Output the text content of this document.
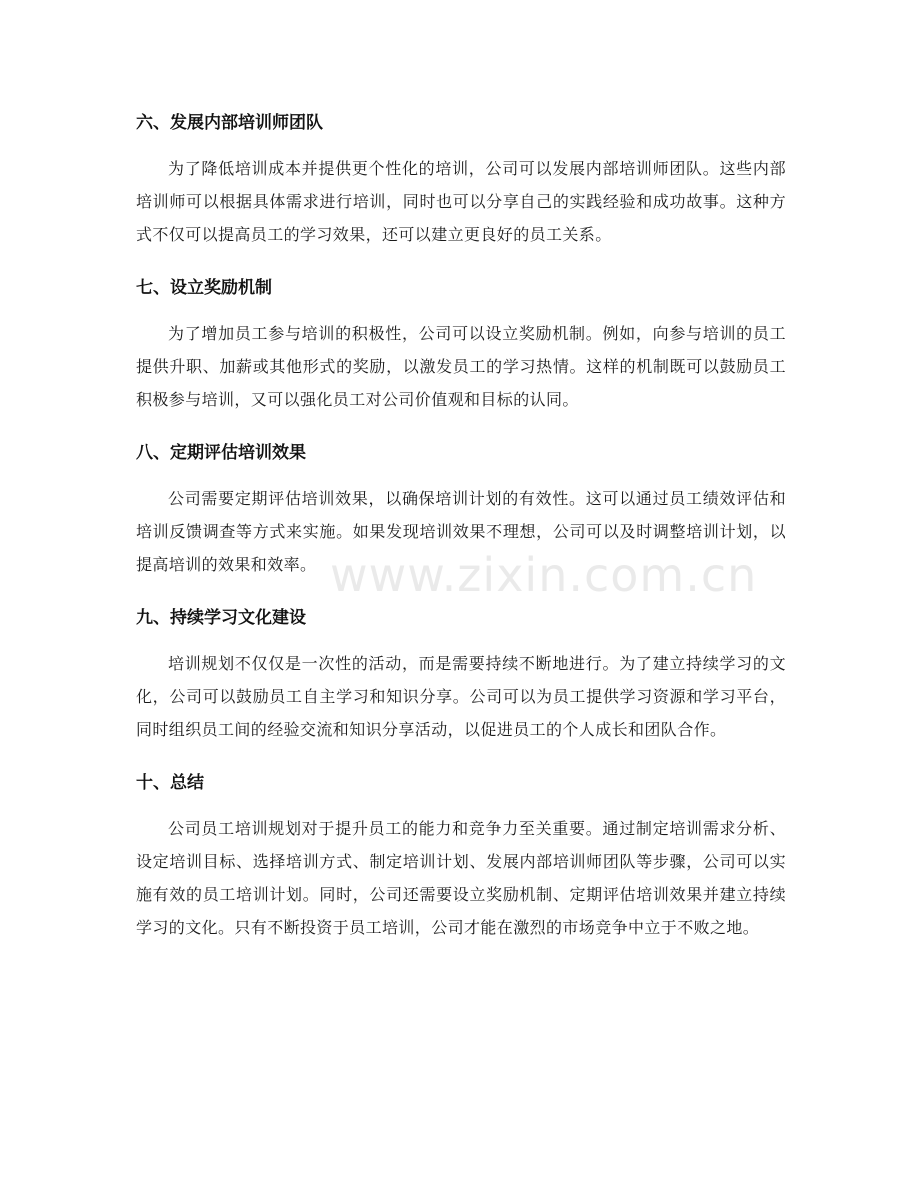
六、发展内部培训师团队

为了降低培训成本并提供更个性化的培训，公司可以发展内部培训师团队。这些内部培训师可以根据具体需求进行培训，同时也可以分享自己的实践经验和成功故事。这种方式不仅可以提高员工的学习效果，还可以建立更良好的员工关系。

七、设立奖励机制

为了增加员工参与培训的积极性，公司可以设立奖励机制。例如，向参与培训的员工提供升职、加薪或其他形式的奖励，以激发员工的学习热情。这样的机制既可以鼓励员工积极参与培训，又可以强化员工对公司价值观和目标的认同。

八、定期评估培训效果

公司需要定期评估培训效果，以确保培训计划的有效性。这可以通过员工绩效评估和培训反馈调查等方式来实施。如果发现培训效果不理想，公司可以及时调整培训计划，以提高培训的效果和效率。

九、持续学习文化建设

培训规划不仅仅是一次性的活动，而是需要持续不断地进行。为了建立持续学习的文化，公司可以鼓励员工自主学习和知识分享。公司可以为员工提供学习资源和学习平台，同时组织员工间的经验交流和知识分享活动，以促进员工的个人成长和团队合作。

十、总结

公司员工培训规划对于提升员工的能力和竞争力至关重要。通过制定培训需求分析、设定培训目标、选择培训方式、制定培训计划、发展内部培训师团队等步骤，公司可以实施有效的员工培训计划。同时，公司还需要设立奖励机制、定期评估培训效果并建立持续学习的文化。只有不断投资于员工培训，公司才能在激烈的市场竞争中立于不败之地。

www.zixin.com.cn
